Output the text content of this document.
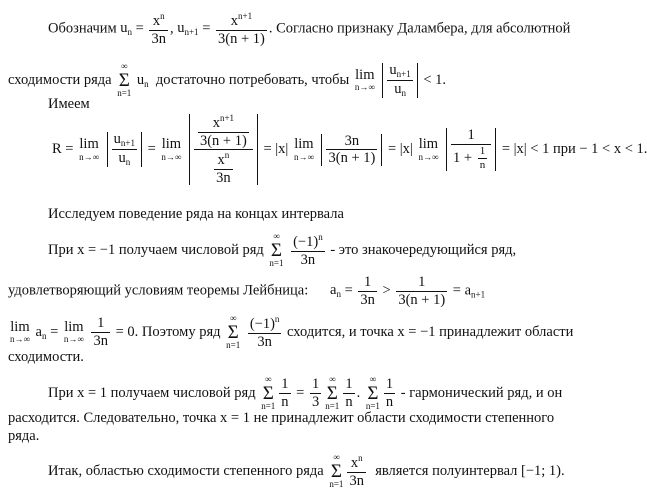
Обозначим $u_n = \frac{x^n}{3n}$ , $u_{n+1} = \frac{x^{n+1}}{3(n + 1)}$ . Согласно признаку Даламбера, для абсолютной
сходимости ряда ∞
Σ
n=1 $u_n$ достаточно потребовать, чтобы lim
n→∞
$\frac{u_{n+1}}{u_n} < 1$.
Имеем
R = lim
n→∞
$\frac{u_{n+1}}{u_n} = \lim$
n→∞
$\frac{\frac{x^{n+1}}{3(n + 1)}}{\frac{x^n}{3n}} = |x|$ lim
n→∞
$\frac{3n}{3(n + 1)} = |x|$ lim
n→∞
$\frac{1}{1 + \frac{1}{n}} = |x| < 1$ при − 1 < x < 1.
Исследуем поведение ряда на концах интервала
При x = −1 получаем числовой ряд ∞
Σ
$n=1 \frac{(-1)^n}{3n}$ - это знакочередующийся ряд,
удовлетворяющий условиям теоремы Лейбница: $a_n = \frac{1}{3n} > \frac{1}{3(n + 1)} = a_{n+1}$
lim
n→∞ $a_n = \lim$
n→∞
$\frac{1}{3n} = 0$. Поэтому ряд ∞
Σ
$n=1 \frac{(-1)^n}{3n}$ сходится, и точка x = −1 принадлежит области
сходимости.
При x = 1 получаем числовой ряд ∞
Σ
$n=1 \frac{1}{n} = \frac{1}{3}$ ∞
Σ
$n=1 \frac{1}{n}$ . ∞
Σ
$n=1 \frac{1}{n}$ - гармонический ряд, и он
расходится. Следовательно, точка x = 1 не принадлежит области сходимости степенного
ряда.
Итак, областью сходимости степенного ряда ∞
Σ
$n=1 \frac{x^n}{3n}$ является полуинтервал [−1; 1).
